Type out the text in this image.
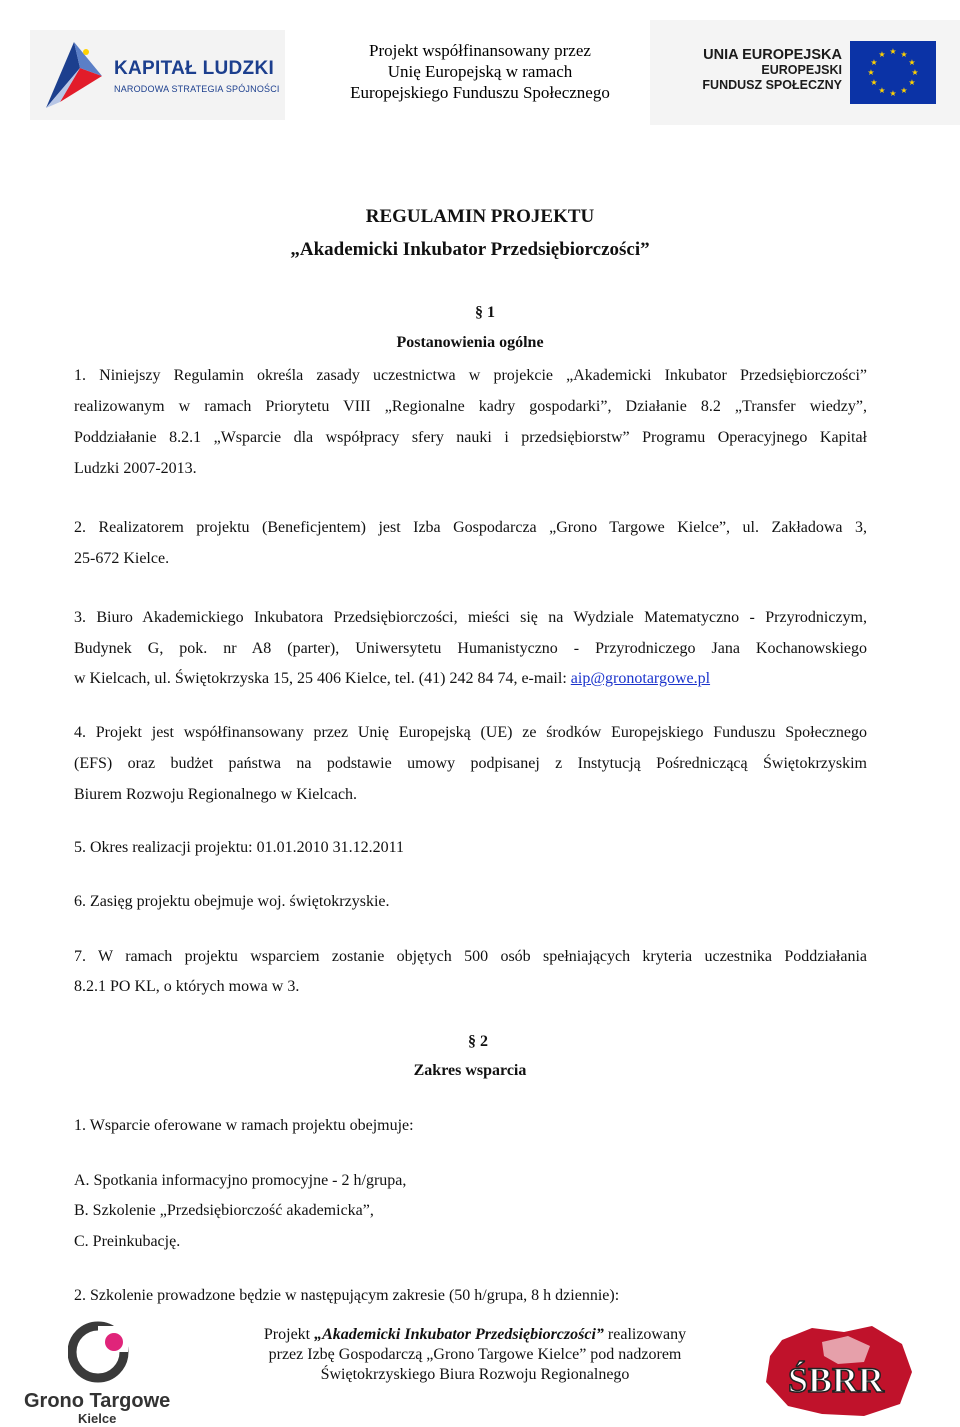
KAPITAŁ LUDZKI
NARODOWA STRATEGIA SPÓJNOŚCI
Projekt współfinansowany przez
Unię Europejską w ramach
Europejskiego Funduszu Społecznego
UNIA EUROPEJSKA
EUROPEJSKI
FUNDUSZ SPOŁECZNY
★ ★
★
★
★
★
★
★
★
★
★
★
REGULAMIN PROJEKTU
„Akademicki Inkubator Przedsiębiorczości”
§ 1
Postanowienia ogólne
1. Niniejszy Regulamin określa zasady uczestnictwa w projekcie „Akademicki Inkubator Przedsiębiorczości”
realizowanym w ramach Priorytetu VIII „Regionalne kadry gospodarki”, Działanie 8.2 „Transfer wiedzy”,
Poddziałanie 8.2.1 „Wsparcie dla współpracy sfery nauki i przedsiębiorstw” Programu Operacyjnego Kapitał
Ludzki 2007-2013.
2. Realizatorem projektu (Beneficjentem) jest Izba Gospodarcza „Grono Targowe Kielce”, ul. Zakładowa 3,
25-672 Kielce.
3. Biuro Akademickiego Inkubatora Przedsiębiorczości, mieści się na Wydziale Matematyczno - Przyrodniczym,
Budynek G, pok. nr A8 (parter), Uniwersytetu Humanistyczno - Przyrodniczego Jana Kochanowskiego
w Kielcach, ul. Świętokrzyska 15, 25 406 Kielce, tel. (41) 242 84 74, e-mail: aip@gronotargowe.pl
4. Projekt jest współfinansowany przez Unię Europejską (UE) ze środków Europejskiego Funduszu Społecznego
(EFS) oraz budżet państwa na podstawie umowy podpisanej z Instytucją Pośredniczącą Świętokrzyskim
Biurem Rozwoju Regionalnego w Kielcach.
5. Okres realizacji projektu: 01.01.2010 31.12.2011
6. Zasięg projektu obejmuje woj. świętokrzyskie.
7. W ramach projektu wsparciem zostanie objętych 500 osób spełniających kryteria uczestnika Poddziałania
8.2.1 PO KL, o których mowa w 3.
§ 2
Zakres wsparcia
1. Wsparcie oferowane w ramach projektu obejmuje:
A. Spotkania informacyjno promocyjne - 2 h/grupa,
B. Szkolenie „Przedsiębiorczość akademicka”,
C. Preinkubację.
2. Szkolenie prowadzone będzie w następującym zakresie (50 h/grupa, 8 h dziennie):
Grono Targowe
Kielce
Projekt „Akademicki Inkubator Przedsiębiorczości” realizowany
przez Izbę Gospodarczą „Grono Targowe Kielce” pod nadzorem
Świętokrzyskiego Biura Rozwoju Regionalnego	ŚBRR
